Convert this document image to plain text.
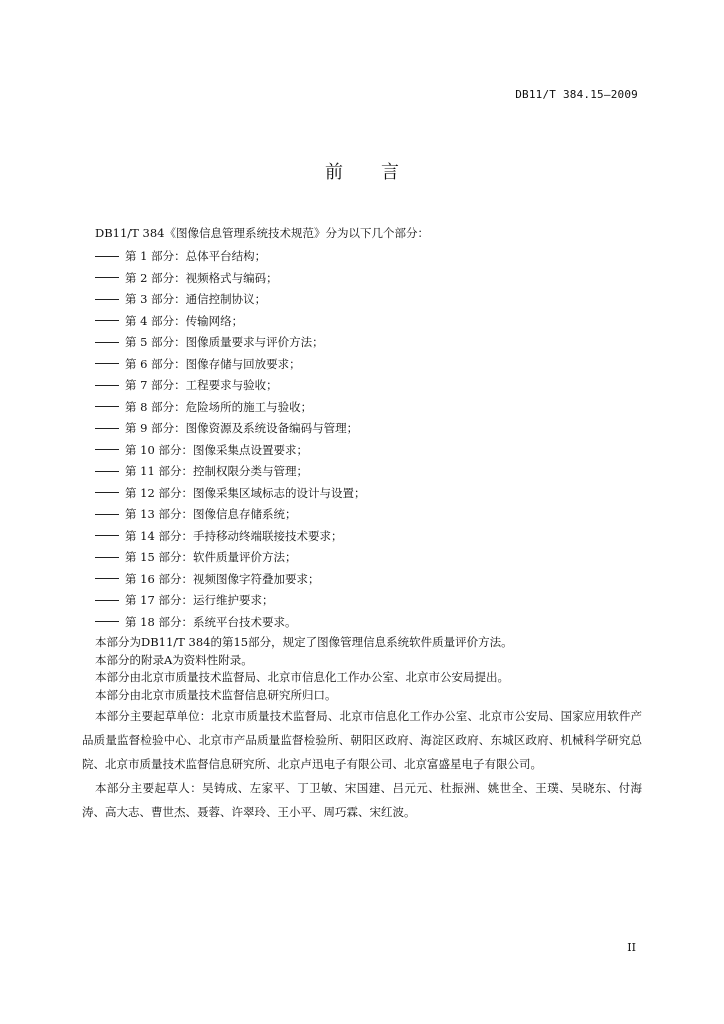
DB11/T 384.15—2009
前言
DB11/T 384《图像信息管理系统技术规范》分为以下几个部分：
第 1 部分：总体平台结构；
第 2 部分：视频格式与编码；
第 3 部分：通信控制协议；
第 4 部分：传输网络；
第 5 部分：图像质量要求与评价方法；
第 6 部分：图像存储与回放要求；
第 7 部分：工程要求与验收；
第 8 部分：危险场所的施工与验收；
第 9 部分：图像资源及系统设备编码与管理；
第 10 部分：图像采集点设置要求；
第 11 部分：控制权限分类与管理；
第 12 部分：图像采集区域标志的设计与设置；
第 13 部分：图像信息存储系统；
第 14 部分：手持移动终端联接技术要求；
第 15 部分：软件质量评价方法；
第 16 部分：视频图像字符叠加要求；
第 17 部分：运行维护要求；
第 18 部分：系统平台技术要求。

本部分为DB11/T 384的第15部分，规定了图像管理信息系统软件质量评价方法。

本部分的附录A为资料性附录。

本部分由北京市质量技术监督局、北京市信息化工作办公室、北京市公安局提出。

本部分由北京市质量技术监督信息研究所归口。

本部分主要起草单位：北京市质量技术监督局、北京市信息化工作办公室、北京市公安局、国家应用软件产品质量监督检验中心、北京市产品质量监督检验所、朝阳区政府、海淀区政府、东城区政府、机械科学研究总院、北京市质量技术监督信息研究所、北京卢迅电子有限公司、北京富盛星电子有限公司。

本部分主要起草人：吴铸成、左家平、丁卫敏、宋国建、吕元元、杜振洲、姚世全、王璞、吴晓东、付海涛、高大志、曹世杰、聂蓉、许翠玲、王小平、周巧霖、宋红波。

II
